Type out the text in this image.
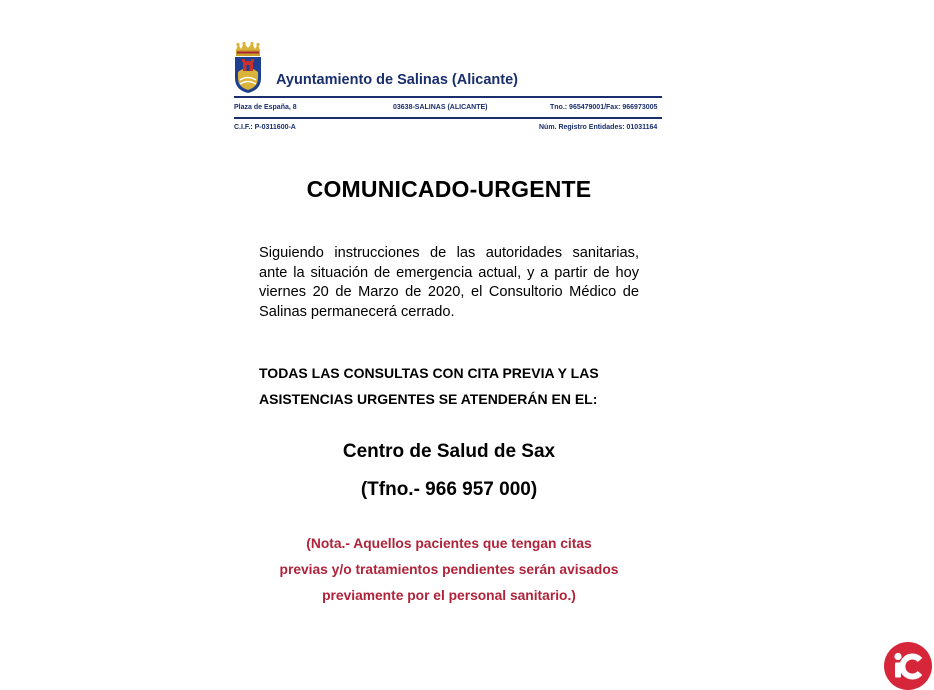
Ayuntamiento de Salinas (Alicante)
Plaza de España, 8	03638-SALINAS (ALICANTE)	Tno.: 965479001/Fax: 966973005
C.I.F.: P-0311600-A	Núm. Registro Entidades: 01031164
COMUNICADO-URGENTE
Siguiendo instrucciones de las autoridades sanitarias, ante la situación de emergencia actual, y a partir de hoy viernes 20 de Marzo de 2020, el Consultorio Médico de Salinas permanecerá cerrado.
TODAS LAS CONSULTAS CON CITA PREVIA Y LAS
ASISTENCIAS URGENTES SE ATENDERÁN EN EL:
Centro de Salud de Sax
(Tfno.- 966 957 000)
(Nota.- Aquellos pacientes que tengan citas
previas y/o tratamientos pendientes serán avisados
previamente por el personal sanitario.)
